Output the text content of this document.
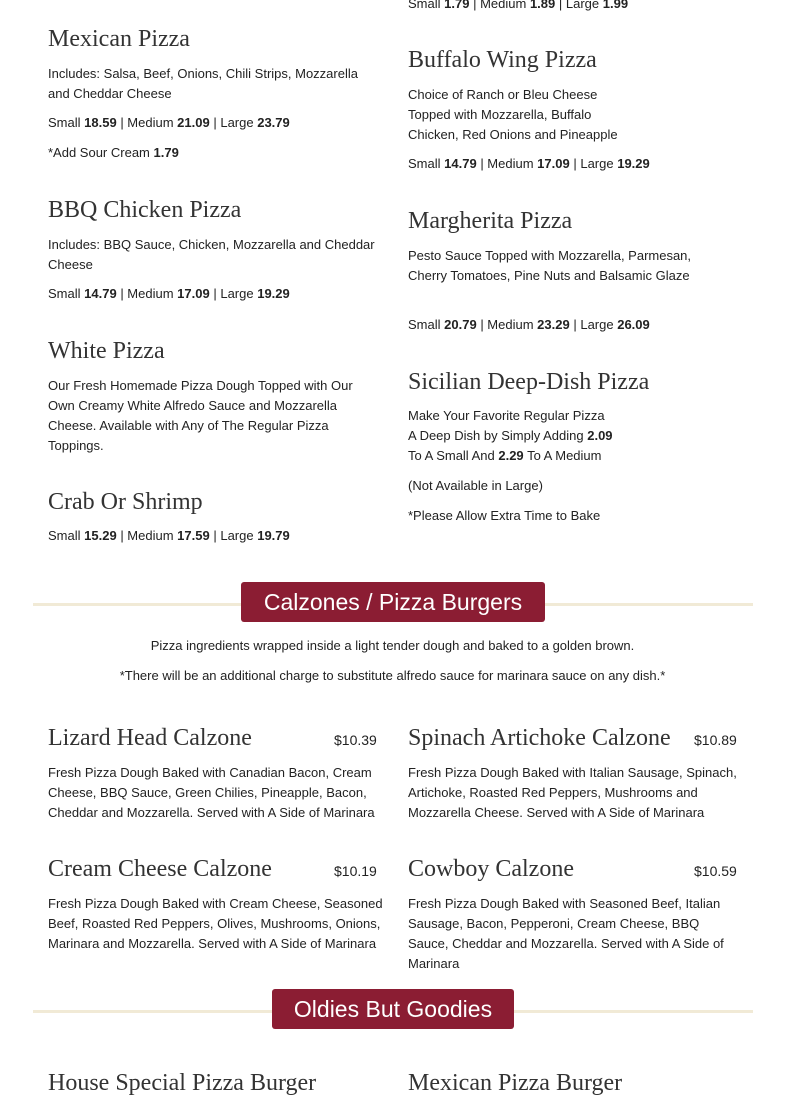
Small 1.79 | Medium 1.89 | Large 1.99
Mexican Pizza
Includes: Salsa, Beef, Onions, Chili Strips, Mozzarella and Cheddar Cheese
Small 18.59 | Medium 21.09 | Large 23.79
*Add Sour Cream 1.79
BBQ Chicken Pizza
Includes: BBQ Sauce, Chicken, Mozzarella and Cheddar Cheese
Small 14.79 | Medium 17.09 | Large 19.29
White Pizza
Our Fresh Homemade Pizza Dough Topped with Our Own Creamy White Alfredo Sauce and Mozzarella Cheese. Available with Any of The Regular Pizza Toppings.
Crab Or Shrimp
Small 15.29 | Medium 17.59 | Large 19.79
Buffalo Wing Pizza
Choice of Ranch or Bleu Cheese Topped with Mozzarella, Buffalo Chicken, Red Onions and Pineapple
Small 14.79 | Medium 17.09 | Large 19.29
Margherita Pizza
Pesto Sauce Topped with Mozzarella, Parmesan, Cherry Tomatoes, Pine Nuts and Balsamic Glaze
Small 20.79 | Medium 23.29 | Large 26.09
Sicilian Deep-Dish Pizza
Make Your Favorite Regular Pizza
A Deep Dish by Simply Adding 2.09
To A Small And 2.29 To A Medium
(Not Available in Large)
*Please Allow Extra Time to Bake
Calzones / Pizza Burgers
Pizza ingredients wrapped inside a light tender dough and baked to a golden brown.
*There will be an additional charge to substitute alfredo sauce for marinara sauce on any dish.*
Lizard Head Calzone	$10.39
Fresh Pizza Dough Baked with Canadian Bacon, Cream Cheese, BBQ Sauce, Green Chilies, Pineapple, Bacon, Cheddar and Mozzarella. Served with A Side of Marinara
Spinach Artichoke Calzone $10.89
Fresh Pizza Dough Baked with Italian Sausage, Spinach, Artichoke, Roasted Red Peppers, Mushrooms and Mozzarella Cheese. Served with A Side of Marinara
Cream Cheese Calzone	$10.19
Fresh Pizza Dough Baked with Cream Cheese, Seasoned Beef, Roasted Red Peppers, Olives, Mushrooms, Onions, Marinara and Mozzarella. Served with A Side of Marinara
Cowboy Calzone	$10.59
Fresh Pizza Dough Baked with Seasoned Beef, Italian Sausage, Bacon, Pepperoni, Cream Cheese, BBQ Sauce, Cheddar and Mozzarella. Served with A Side of Marinara
Oldies But Goodies
House Special Pizza Burger	Mexican Pizza Burger
